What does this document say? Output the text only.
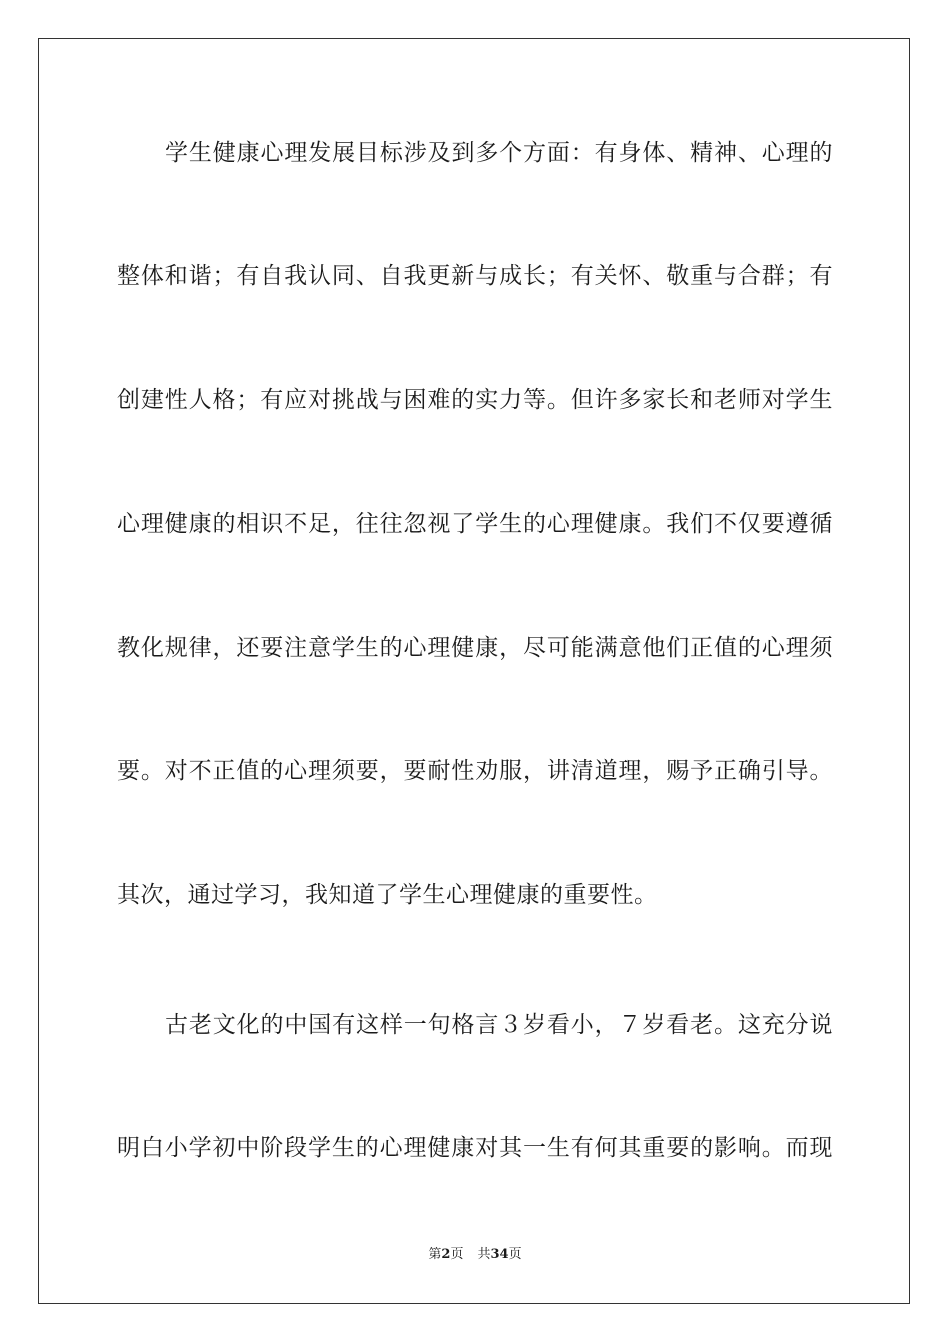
学生健康心理发展目标涉及到多个方面：有身体、精神、心理的
整体和谐；有自我认同、自我更新与成长；有关怀、敬重与合群；有
创建性人格；有应对挑战与困难的实力等。但许多家长和老师对学生
心理健康的相识不足，往往忽视了学生的心理健康。我们不仅要遵循
教化规律，还要注意学生的心理健康，尽可能满意他们正值的心理须
要。对不正值的心理须要，要耐性劝服，讲清道理，赐予正确引导。
其次，通过学习，我知道了学生心理健康的重要性。
古老文化的中国有这样一句格言３岁看小，７岁看老。这充分说
明白小学初中阶段学生的心理健康对其一生有何其重要的影响。而现
第2页 共34页
